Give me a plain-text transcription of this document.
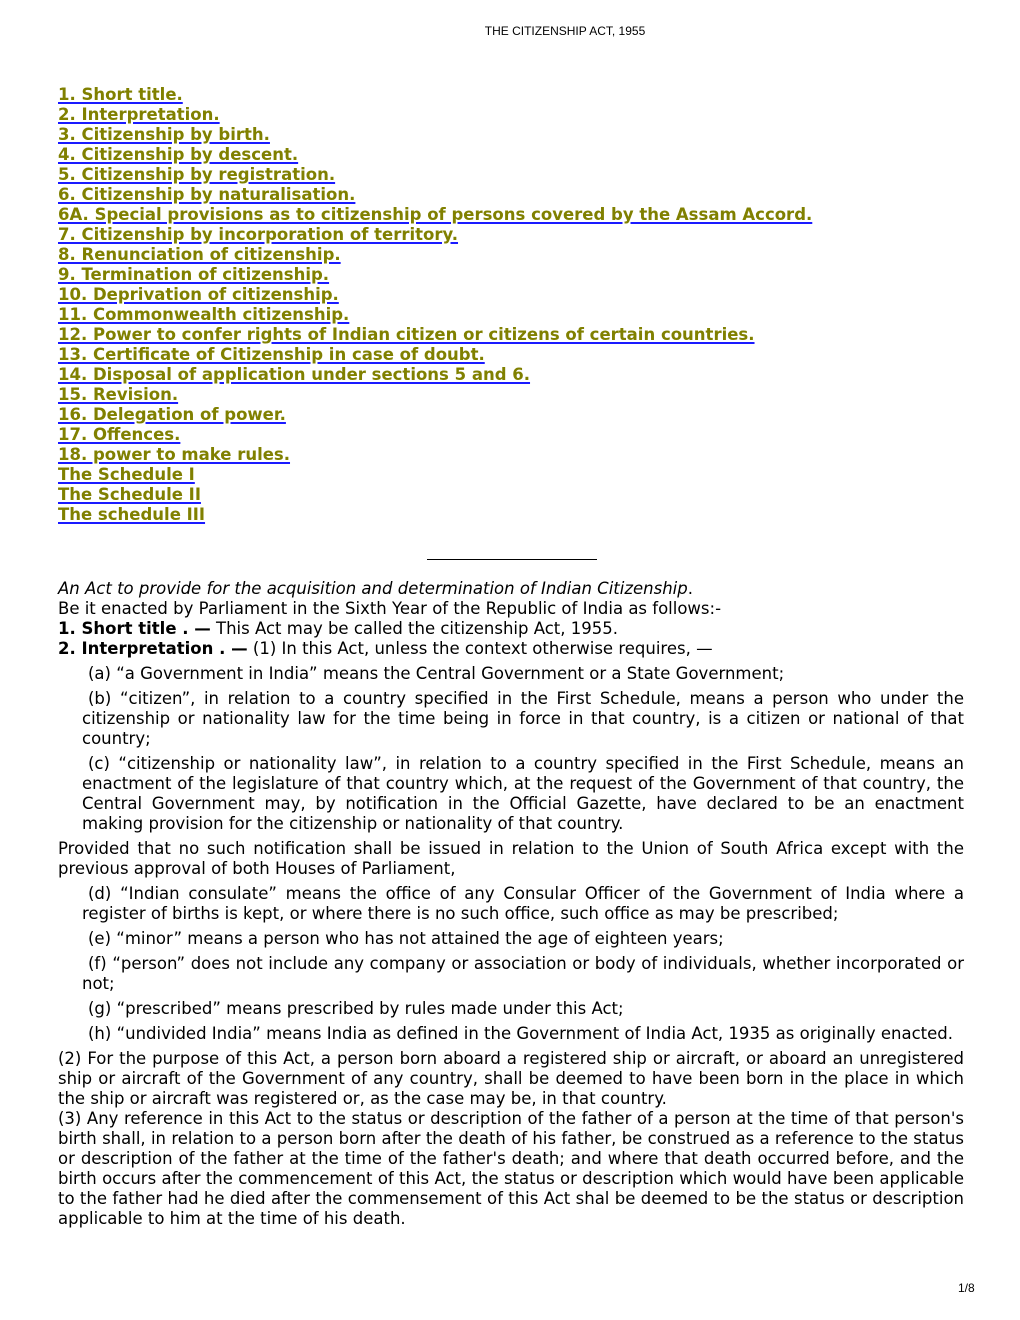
THE CITIZENSHIP ACT, 1955
1. Short title.
2. Interpretation.
3. Citizenship by birth.
4. Citizenship by descent.
5. Citizenship by registration.
6. Citizenship by naturalisation.
6A. Special provisions as to citizenship of persons covered by the Assam Accord.
7. Citizenship by incorporation of territory.
8. Renunciation of citizenship.
9. Termination of citizenship.
10. Deprivation of citizenship.
11. Commonwealth citizenship.
12. Power to confer rights of Indian citizen or citizens of certain countries.
13. Certificate of Citizenship in case of doubt.
14. Disposal of application under sections 5 and 6.
15. Revision.
16. Delegation of power.
17. Offences.
18. power to make rules.
The Schedule I
The Schedule II
The schedule III

An Act to provide for the acquisition and determination of Indian Citizenship.

Be it enacted by Parliament in the Sixth Year of the Republic of India as follows:-

1. Short title . — This Act may be called the citizenship Act, 1955.

2. Interpretation . — (1) In this Act, unless the context otherwise requires, —

(a) “a Government in India” means the Central Government or a State Government;

(b) “citizen”, in relation to a country specified in the First Schedule, means a person who under the citizenship or nationality law for the time being in force in that country, is a citizen or national of that country;

(c) “citizenship or nationality law”, in relation to a country specified in the First Schedule, means an enactment of the legislature of that country which, at the request of the Government of that country, the Central Government may, by notification in the Official Gazette, have declared to be an enactment making provision for the citizenship or nationality of that country.

Provided that no such notification shall be issued in relation to the Union of South Africa except with the previous approval of both Houses of Parliament,

(d) “Indian consulate” means the office of any Consular Officer of the Government of India where a register of births is kept, or where there is no such office, such office as may be prescribed;

(e) “minor” means a person who has not attained the age of eighteen years;

(f) “person” does not include any company or association or body of individuals, whether incorporated or not;

(g) “prescribed” means prescribed by rules made under this Act;

(h) “undivided India” means India as defined in the Government of India Act, 1935 as originally enacted.

(2) For the purpose of this Act, a person born aboard a registered ship or aircraft, or aboard an unregistered ship or aircraft of the Government of any country, shall be deemed to have been born in the place in which the ship or aircraft was registered or, as the case may be, in that country.

(3) Any reference in this Act to the status or description of the father of a person at the time of that person's birth shall, in relation to a person born after the death of his father, be construed as a reference to the status or description of the father at the time of the father's death; and where that death occurred before, and the birth occurs after the commencement of this Act, the status or description which would have been applicable to the father had he died after the commensement of this Act shal be deemed to be the status or description applicable to him at the time of his death.

1/8
